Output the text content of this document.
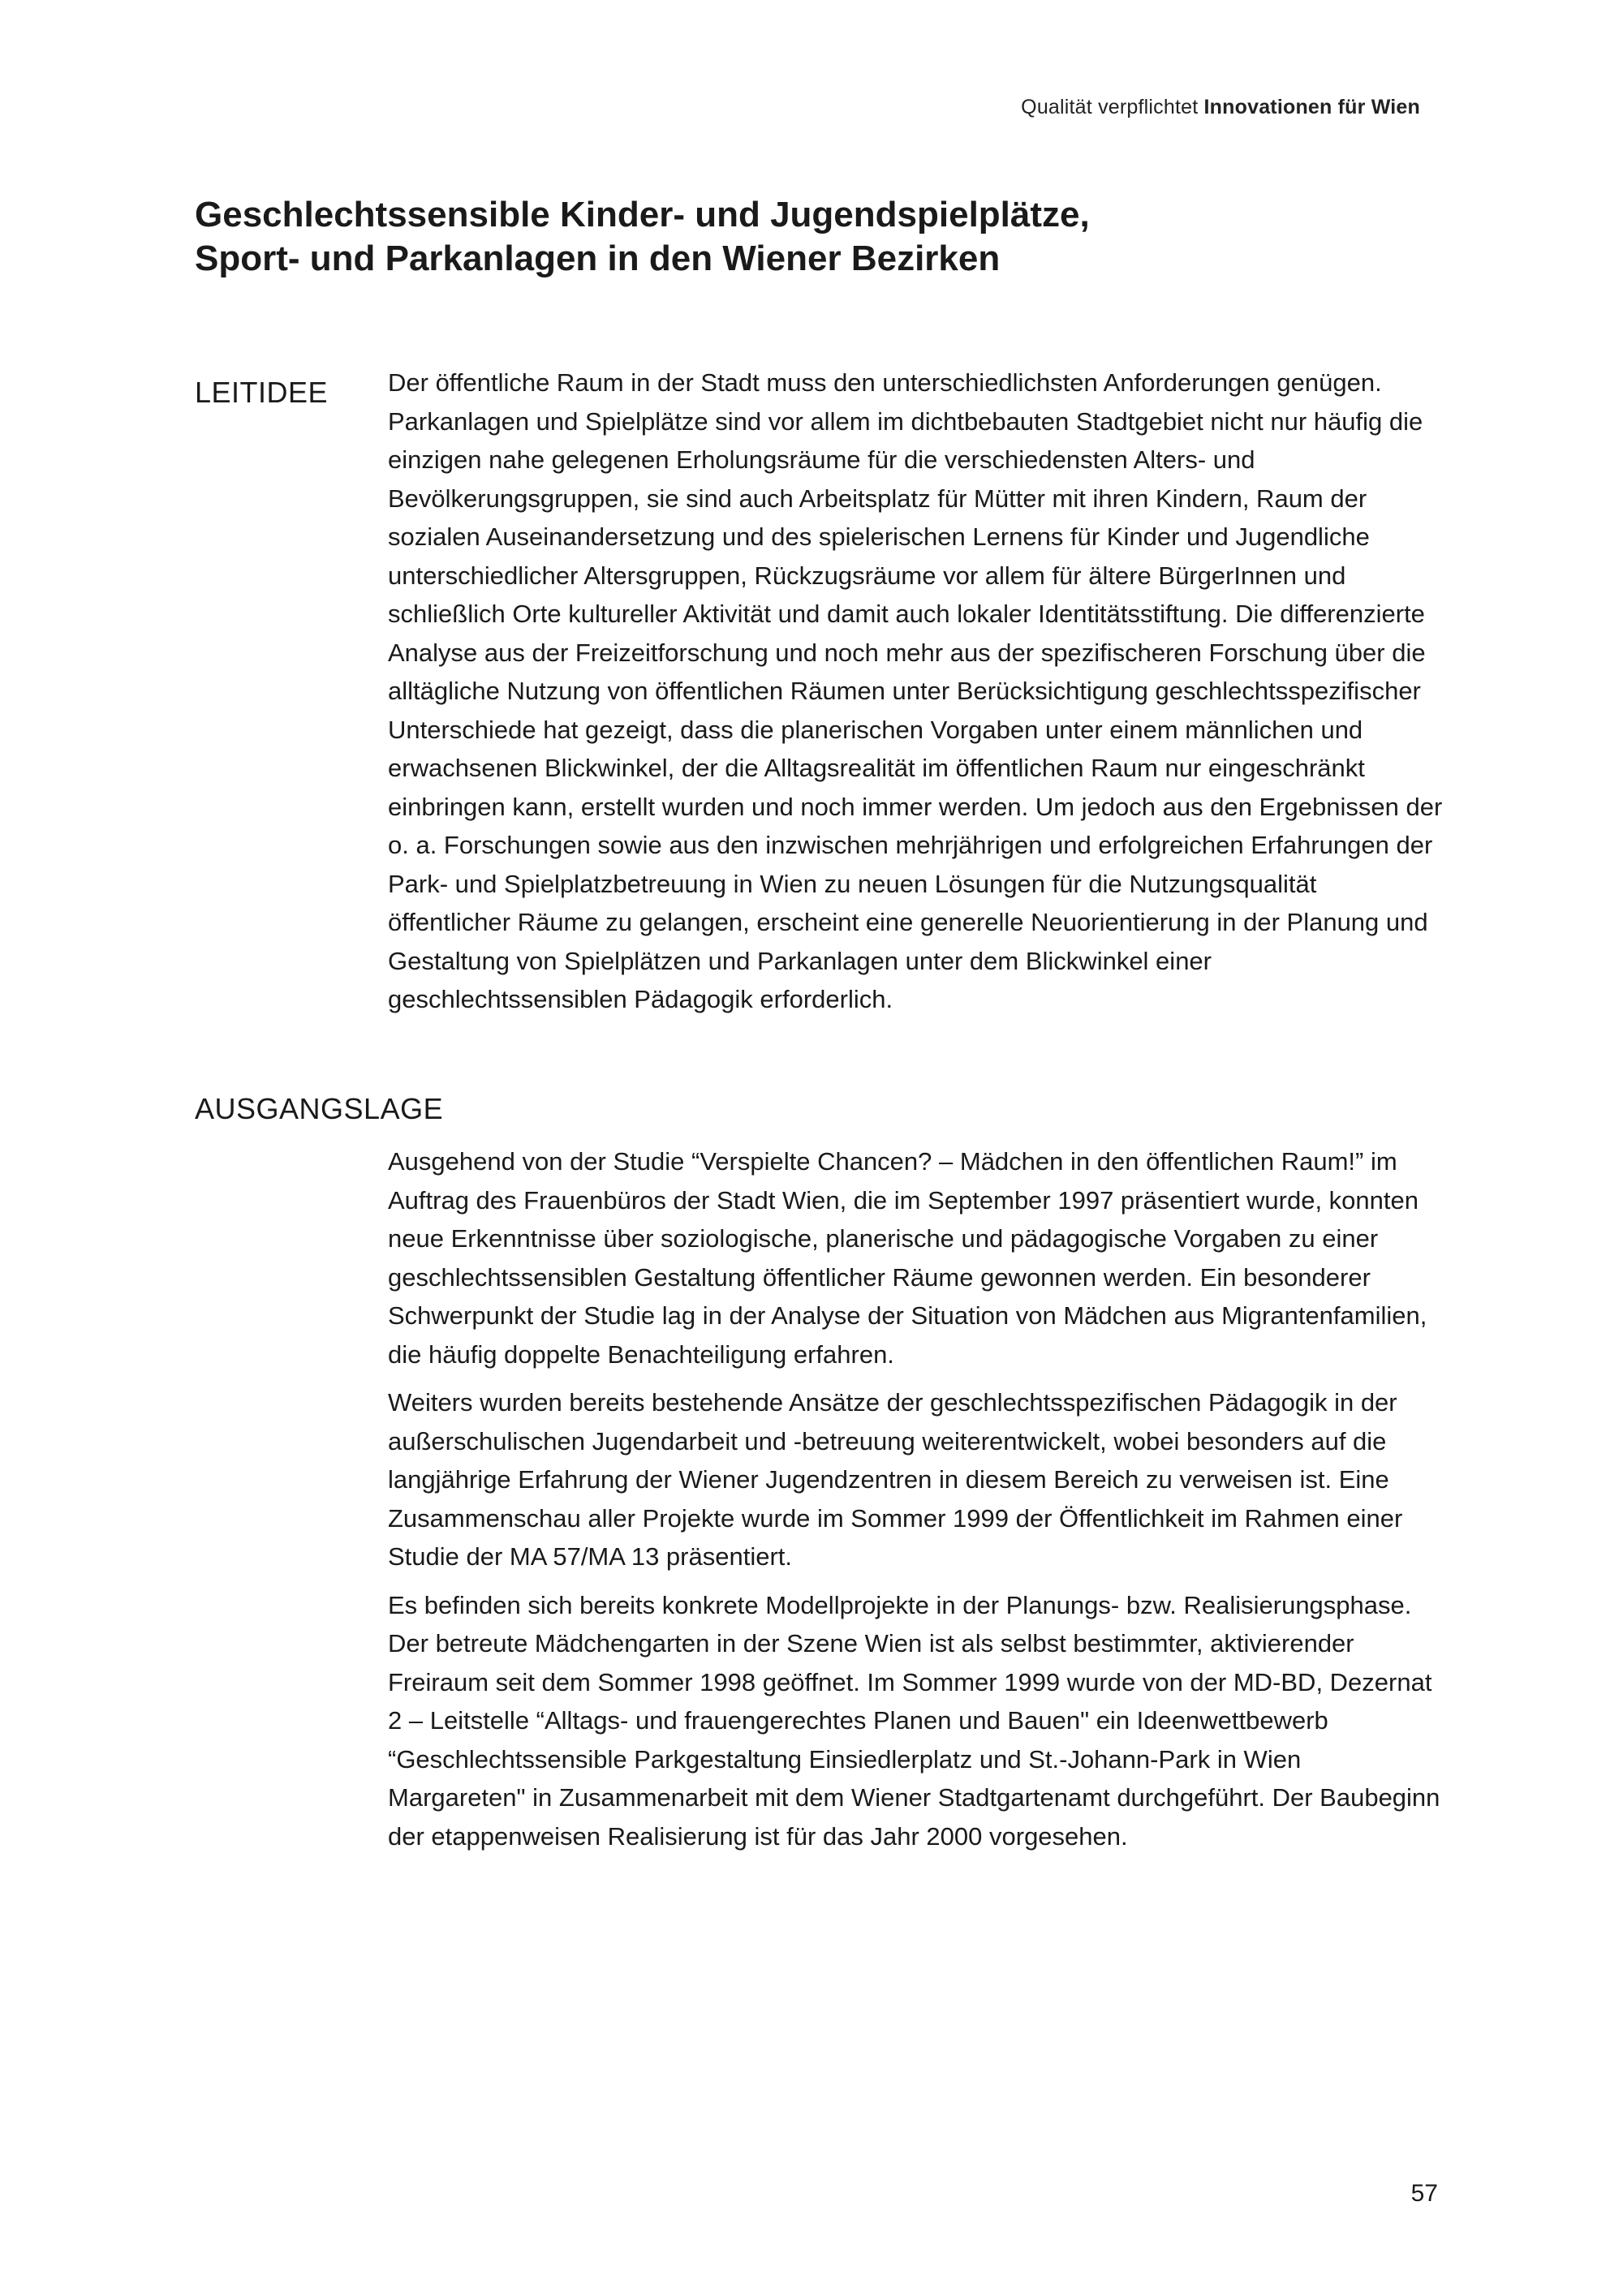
Qualität verpflichtet Innovationen für Wien
Geschlechtssensible Kinder- und Jugendspielplätze,
Sport- und Parkanlagen in den Wiener Bezirken
LEITIDEE Der öffentliche Raum in der Stadt muss den unterschiedlichsten Anforderungen genügen. Parkanlagen und Spielplätze sind vor allem im dichtbebauten Stadtgebiet nicht nur häufig die einzigen nahe gelegenen Erholungsräume für die verschiedensten Alters- und Bevölkerungsgruppen, sie sind auch Arbeitsplatz für Mütter mit ihren Kindern, Raum der sozialen Auseinandersetzung und des spielerischen Lernens für Kinder und Jugendliche unterschiedlicher Altersgruppen, Rückzugsräume vor allem für ältere BürgerInnen und schließlich Orte kultureller Aktivität und damit auch lokaler Identitätsstiftung. Die differenzierte Analyse aus der Freizeitforschung und noch mehr aus der spezifischeren Forschung über die alltägliche Nutzung von öffentlichen Räumen unter Berücksichtigung geschlechtsspezifischer Unterschiede hat gezeigt, dass die planerischen Vorgaben unter einem männlichen und erwachsenen Blickwinkel, der die Alltagsrealität im öffentlichen Raum nur eingeschränkt einbringen kann, erstellt wurden und noch immer werden. Um jedoch aus den Ergebnissen der o. a. Forschungen sowie aus den inzwischen mehrjährigen und erfolgreichen Erfahrungen der Park- und Spielplatzbetreuung in Wien zu neuen Lösungen für die Nutzungsqualität öffentlicher Räume zu gelangen, erscheint eine generelle Neuorientierung in der Planung und Gestaltung von Spielplätzen und Parkanlagen unter dem Blickwinkel einer geschlechtssensiblen Pädagogik erforderlich.

AUSGANGSLAGE

Ausgehend von der Studie “Verspielte Chancen? – Mädchen in den öffentlichen Raum!” im Auftrag des Frauenbüros der Stadt Wien, die im September 1997 präsentiert wurde, konnten neue Erkenntnisse über soziologische, planerische und pädagogische Vorgaben zu einer geschlechtssensiblen Gestaltung öffentlicher Räume gewonnen werden. Ein besonderer Schwerpunkt der Studie lag in der Analyse der Situation von Mädchen aus Migrantenfamilien, die häufig doppelte Benachteiligung erfahren.

Weiters wurden bereits bestehende Ansätze der geschlechtsspezifischen Pädagogik in der außerschulischen Jugendarbeit und -betreuung weiterentwickelt, wobei besonders auf die langjährige Erfahrung der Wiener Jugendzentren in diesem Bereich zu verweisen ist. Eine Zusammenschau aller Projekte wurde im Sommer 1999 der Öffentlichkeit im Rahmen einer Studie der MA 57/MA 13 präsentiert.

Es befinden sich bereits konkrete Modellprojekte in der Planungs- bzw. Realisierungsphase. Der betreute Mädchengarten in der Szene Wien ist als selbst bestimmter, aktivierender Freiraum seit dem Sommer 1998 geöffnet. Im Sommer 1999 wurde von der MD-BD, Dezernat 2 – Leitstelle “Alltags- und frauengerechtes Planen und Bauen" ein Ideenwettbewerb “Geschlechtssensible Parkgestaltung Einsiedlerplatz und St.-Johann-Park in Wien Margareten" in Zusammenarbeit mit dem Wiener Stadtgartenamt durchgeführt. Der Baubeginn der etappenweisen Realisierung ist für das Jahr 2000 vorgesehen.

57
